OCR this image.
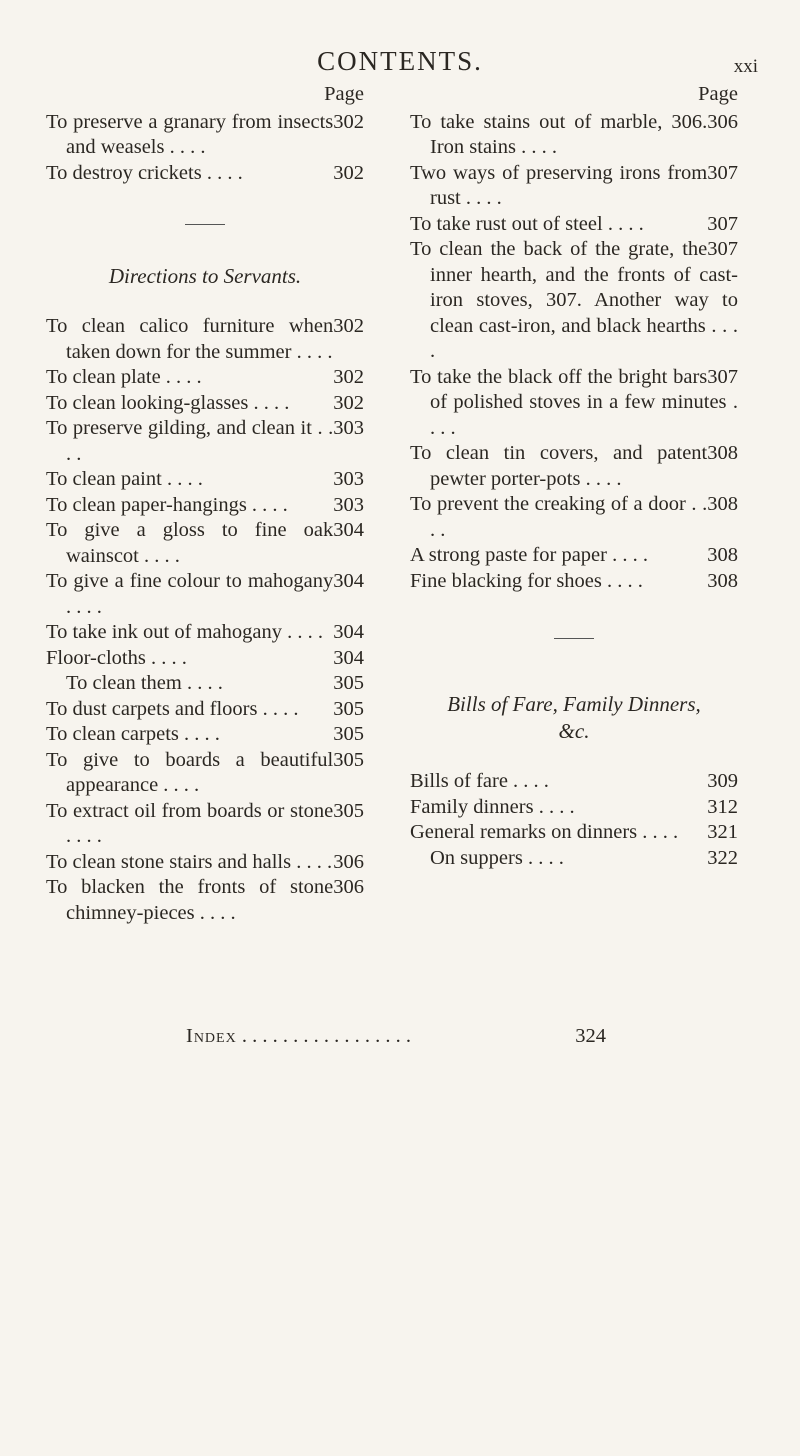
CONTENTS.	xxi
Page

302
To preserve a granary from insects and weasels . . . .

302
To destroy crickets . . . .

Directions to Servants.

302
To clean calico furniture when taken down for the summer . . . .

302
To clean plate . . . .

302
To clean looking-glasses . . . .

303
To preserve gilding, and clean it . . . .

303
To clean paint . . . .

303
To clean paper-hangings . . . .

304
To give a gloss to fine oak wainscot . . . .

304
To give a fine colour to mahogany . . . .

304
To take ink out of mahogany . . . .

304
Floor-cloths . . . .

305
To clean them . . . .

305
To dust carpets and floors . . . .

305
To clean carpets . . . .

305
To give to boards a beautiful appearance . . . .

305
To extract oil from boards or stone . . . .

306
To clean stone stairs and halls . . . .

306
To blacken the fronts of stone chimney-pieces . . . .

Page

306
To take stains out of marble, 306. Iron stains . . . .

307
Two ways of preserving irons from rust . . . .

307
To take rust out of steel . . . .

307
To clean the back of the grate, the inner hearth, and the fronts of cast-iron stoves, 307. Another way to clean cast-iron, and black hearths . . . .

307
To take the black off the bright bars of polished stoves in a few minutes . . . .

308
To clean tin covers, and patent pewter porter-pots . . . .

308
To prevent the creaking of a door . . . .

308
A strong paste for paper . . . .

308
Fine blacking for shoes . . . .

Bills of Fare, Family Dinners,
&c.

309
Bills of fare . . . .

312
Family dinners . . . .

321
General remarks on dinners . . . .

322
On suppers . . . .

324
Index . . . . . . . . . . . . . . . . .
